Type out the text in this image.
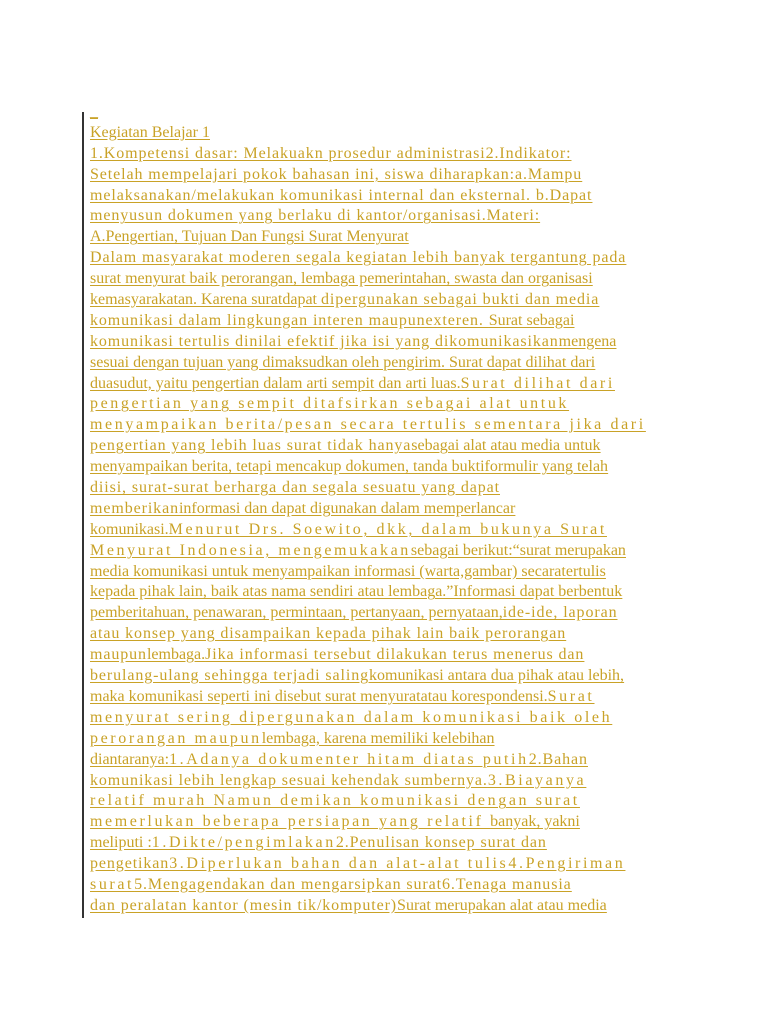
_
Kegiatan Belajar 1
1.Kompetensi dasar: Melakuakn prosedur administrasi2.Indikator:
Setelah mempelajari pokok bahasan ini, siswa diharapkan:a.Mampu
melaksanakan/melakukan komunikasi internal dan eksternal. b.Dapat
menyusun dokumen yang berlaku di kantor/organisasi.Materi:
A.Pengertian, Tujuan Dan Fungsi Surat Menyurat
Dalam masyarakat moderen segala kegiatan lebih banyak tergantung pada
surat menyurat baik perorangan, lembaga pemerintahan, swasta dan organisasi
kemasyarakatan. Karena suratdapat dipergunakan sebagai bukti dan media
komunikasi dalam lingkungan interen maupunexteren. Surat sebagai
komunikasi tertulis dinilai efektif jika isi yang dikomunikasikanmengena
sesuai dengan tujuan yang dimaksudkan oleh pengirim. Surat dapat dilihat dari
duasudut, yaitu pengertian dalam arti sempit dan arti luas.Surat dilihat dari
pengertian yang sempit ditafsirkan sebagai alat untuk
menyampaikan berita/pesan secara tertulis sementara jika dari
pengertian yang lebih luas surat tidak hanyasebagai alat atau media untuk
menyampaikan berita, tetapi mencakup dokumen, tanda buktiformulir yang telah
diisi, surat-surat berharga dan segala sesuatu yang dapat
memberikaninformasi dan dapat digunakan dalam memperlancar
komunikasi.Menurut Drs. Soewito, dkk, dalam bukunya Surat
Menyurat Indonesia, mengemukakansebagai berikut:“surat merupakan
media komunikasi untuk menyampaikan informasi (warta,gambar) secaratertulis
kepada pihak lain, baik atas nama sendiri atau lembaga.”Informasi dapat berbentuk
pemberitahuan, penawaran, permintaan, pertanyaan, pernyataan,ide-ide, laporan
atau konsep yang disampaikan kepada pihak lain baik perorangan
maupunlembaga.Jika informasi tersebut dilakukan terus menerus dan
berulang-ulang sehingga terjadi salingkomunikasi antara dua pihak atau lebih,
maka komunikasi seperti ini disebut surat menyuratatau korespondensi.Surat
menyurat sering dipergunakan dalam komunikasi baik oleh
perorangan maupunlembaga, karena memiliki kelebihan
diantaranya:1.Adanya dokumenter hitam diatas putih2.Bahan
komunikasi lebih lengkap sesuai kehendak sumbernya.3.Biayanya
relatif murah Namun demikan komunikasi dengan surat
memerlukan beberapa persiapan yang relatif banyak, yakni
meliputi :1.Dikte/pengimlakan2.Penulisan konsep surat dan
pengetikan3.Diperlukan bahan dan alat-alat tulis4.Pengiriman
surat5.Mengagendakan dan mengarsipkan surat6.Tenaga manusia
dan peralatan kantor (mesin tik/komputer)Surat merupakan alat atau media
